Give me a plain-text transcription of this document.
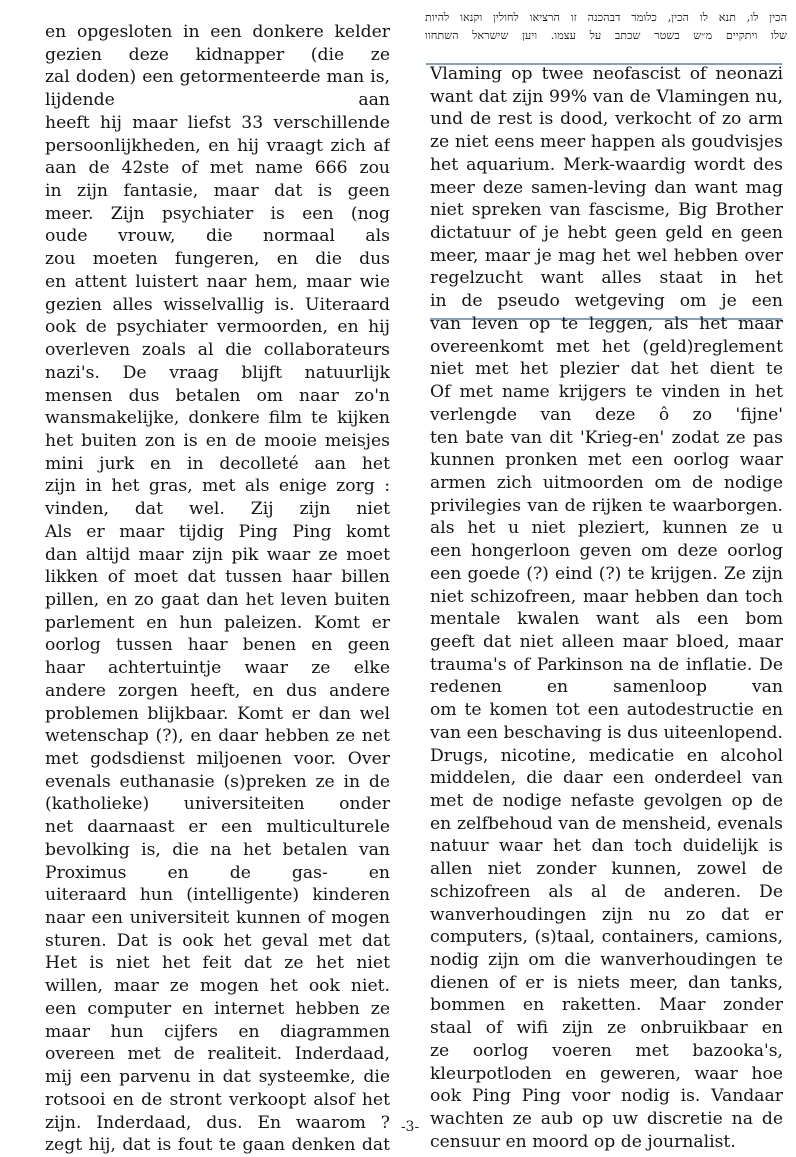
הכין לו, תנא לו הכין, כלומר דבהכנה זו הרציאו לחולין וקנאו להיות
שלו ויתקיים מ״ש בשטר שכתב על עצמו. ויען שישראל השתחוו
en opgesloten in een donkere kelder
gezien deze kidnapper (die ze
zal doden) een getormenteerde man is,
lijdende aan
heeft hij maar liefst 33 verschillende
persoonlijkheden, en hij vraagt zich af
aan de 42ste of met name 666 zou
in zijn fantasie, maar dat is geen
meer. Zijn psychiater is een (nog
oude vrouw, die normaal als
zou moeten fungeren, en die dus
en attent luistert naar hem, maar wie
gezien alles wisselvallig is. Uiteraard
ook de psychiater vermoorden, en hij
overleven zoals al die collaborateurs
nazi's. De vraag blijft natuurlijk
mensen dus betalen om naar zo'n
wansmakelijke, donkere film te kijken
het buiten zon is en de mooie meisjes
mini jurk en in decolleté aan het
zijn in het gras, met als enige zorg :
vinden, dat wel. Zij zijn niet
Als er maar tijdig Ping Ping komt
dan altijd maar zijn pik waar ze moet
likken of moet dat tussen haar billen
pillen, en zo gaat dan het leven buiten
parlement en hun paleizen. Komt er
oorlog tussen haar benen en geen
haar achtertuintje waar ze elke
andere zorgen heeft, en dus andere
problemen blijkbaar. Komt er dan wel
wetenschap (?), en daar hebben ze net
met godsdienst miljoenen voor. Over
evenals euthanasie (s)preken ze in de
(katholieke) universiteiten onder
net daarnaast er een multiculturele
bevolking is, die na het betalen van
Proximus en de gas- en
uiteraard hun (intelligente) kinderen
naar een universiteit kunnen of mogen
sturen. Dat is ook het geval met dat
Het is niet het feit dat ze het niet
willen, maar ze mogen het ook niet.
een computer en internet hebben ze
maar hun cijfers en diagrammen
overeen met de realiteit. Inderdaad,
mij een parvenu in dat systeemke, die
rotsooi en de stront verkoopt alsof het
zijn. Inderdaad, dus. En waarom ?
zegt hij, dat is fout te gaan denken dat
Vlaming op twee neofascist of neonazi
want dat zijn 99% van de Vlamingen nu,
und de rest is dood, verkocht of zo arm
ze niet eens meer happen als goudvisjes
het aquarium. Merk-waardig wordt des
meer deze samen-leving dan want mag
niet spreken van fascisme, Big Brother
dictatuur of je hebt geen geld en geen
meer, maar je mag het wel hebben over
regelzucht want alles staat in het
in de pseudo wetgeving om je een
van leven op te leggen, als het maar
overeenkomt met het (geld)reglement
niet met het plezier dat het dient te
Of met name krijgers te vinden in het
verlengde van deze ô zo 'fijne'
ten bate van dit 'Krieg-en' zodat ze pas
kunnen pronken met een oorlog waar
armen zich uitmoorden om de nodige
privilegies van de rijken te waarborgen.
als het u niet pleziert, kunnen ze u
een hongerloon geven om deze oorlog
een goede (?) eind (?) te krijgen. Ze zijn
niet schizofreen, maar hebben dan toch
mentale kwalen want als een bom
geeft dat niet alleen maar bloed, maar
trauma's of Parkinson na de inflatie. De
redenen en samenloop van
om te komen tot een autodestructie en
van een beschaving is dus uiteenlopend.
Drugs, nicotine, medicatie en alcohol
middelen, die daar een onderdeel van
met de nodige nefaste gevolgen op de
en zelfbehoud van de mensheid, evenals
natuur waar het dan toch duidelijk is
allen niet zonder kunnen, zowel de
schizofreen als al de anderen. De
wanverhoudingen zijn nu zo dat er
computers, (s)taal, containers, camions,
nodig zijn om die wanverhoudingen te
dienen of er is niets meer, dan tanks,
bommen en raketten. Maar zonder
staal of wifi zijn ze onbruikbaar en
ze oorlog voeren met bazooka's,
kleurpotloden en geweren, waar hoe
ook Ping Ping voor nodig is. Vandaar
wachten ze aub op uw discretie na de
censuur en moord op de journalist.
-3-
